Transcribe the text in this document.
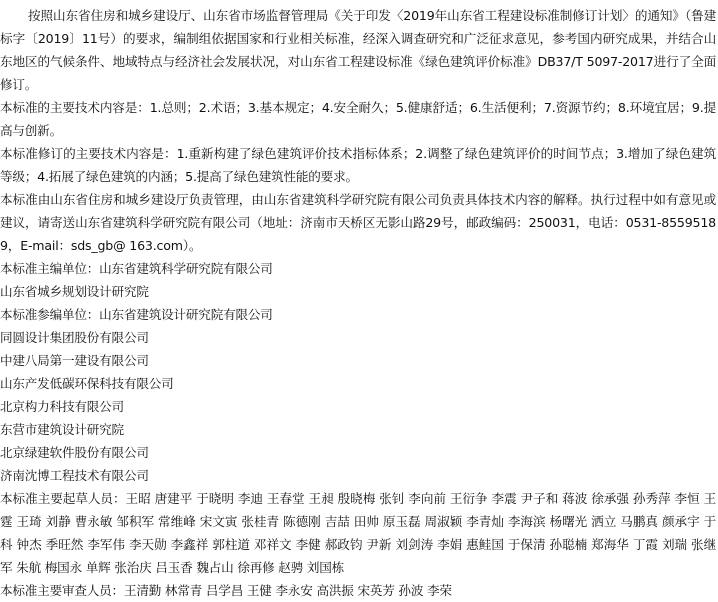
按照山东省住房和城乡建设厅、山东省市场监督管理局《关于印发〈2019年山东省工程建设标准制修订计划〉的通知》（鲁建标字〔2019〕11号）的要求，编制组依据国家和行业相关标准，经深入调查研究和广泛征求意见，参考国内研究成果，并结合山东地区的气候条件、地域特点与经济社会发展状况，对山东省工程建设标准《绿色建筑评价标准》DB37/T 5097-2017进行了全面修订。

本标准的主要技术内容是：1.总则；2.术语；3.基本规定；4.安全耐久；5.健康舒适；6.生活便利；7.资源节约；8.环境宜居；9.提高与创新。

本标准修订的主要技术内容是：1.重新构建了绿色建筑评价技术指标体系；2.调整了绿色建筑评价的时间节点；3.增加了绿色建筑等级；4.拓展了绿色建筑的内涵；5.提高了绿色建筑性能的要求。

本标准由山东省住房和城乡建设厅负责管理，由山东省建筑科学研究院有限公司负责具体技术内容的解释。执行过程中如有意见或建议，请寄送山东省建筑科学研究院有限公司（地址：济南市天桥区无影山路29号，邮政编码：250031，电话：0531-85595189，E-mail：sds_gb@ 163.com）。

本标准主编单位：山东省建筑科学研究院有限公司

山东省城乡规划设计研究院

本标准参编单位：山东省建筑设计研究院有限公司

同圆设计集团股份有限公司

中建八局第一建设有限公司

山东产发低碳环保科技有限公司

北京构力科技有限公司

东营市建筑设计研究院

北京绿建软件股份有限公司

济南沈博工程技术有限公司

本标准主要起草人员：王昭 唐建平 于晓明 李迪 王春堂 王昶 殷晓梅 张钊 李向前 王衍争 李震 尹子和 蒋波 徐承强 孙秀萍 李恒 王霆 王琦 刘静 曹永敏 邹积军 常维峰 宋文寅 张桂青 陈德刚 吉喆 田帅 原玉磊 周淑颖 李青灿 李海滨 杨曙光 洒立 马鹏真 颜承宇 于科 钟杰 季旺然 李军伟 李天勋 李鑫祥 郭柱道 邓祥文 李健 郝政钧 尹新 刘剑涛 李娟 惠鲑国 于保清 孙聪楠 郑海华 丁霞 刘瑞 张继军 朱航 梅国永 单辉 张治庆 吕玉香 魏占山 徐再修 赵骋 刘国栋

本标准主要审查人员：王清勤 林常青 吕学昌 王健 李永安 高洪振 宋英芳 孙波 李荣
